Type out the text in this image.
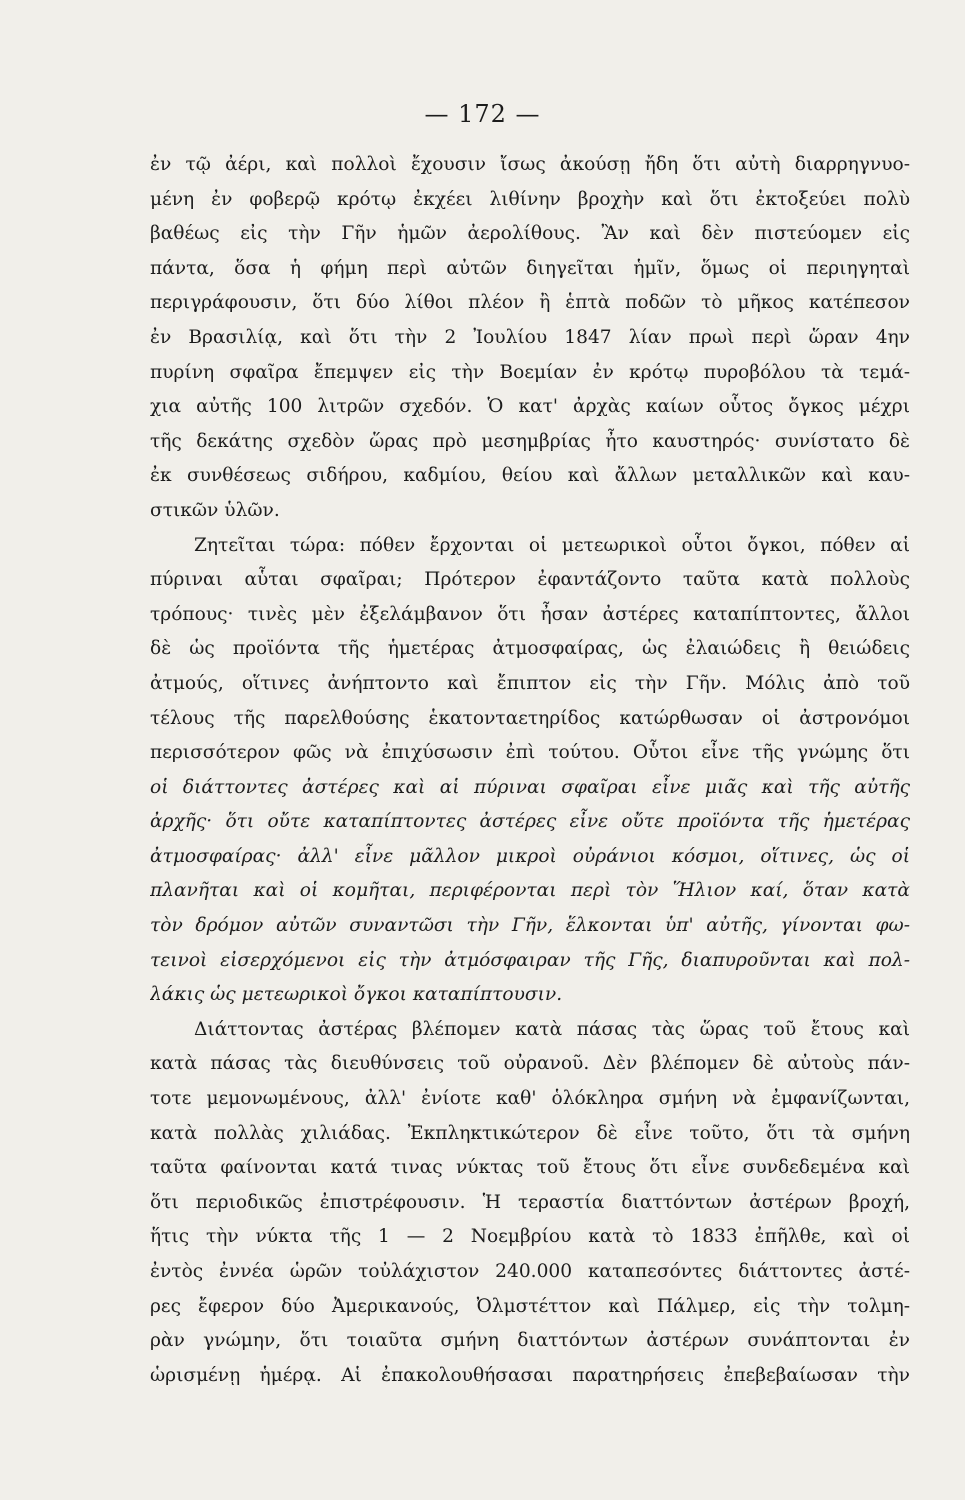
— 172 —
ἐν τῷ ἀέρι, καὶ πολλοὶ ἔχουσιν ἴσως ἀκούσῃ ἤδη ὅτι αὐτὴ διαρρηγνυο-
μένη ἐν φοβερῷ κρότῳ ἐκχέει λιθίνην βροχὴν καὶ ὅτι ἐκτοξεύει πολὺ
βαθέως εἰς τὴν Γῆν ἡμῶν ἀερολίθους. Ἂν καὶ δὲν πιστεύομεν εἰς
πάντα, ὅσα ἡ φήμη περὶ αὐτῶν διηγεῖται ἡμῖν, ὅμως οἱ περιηγηταὶ
περιγράφουσιν, ὅτι δύο λίθοι πλέον ἢ ἑπτὰ ποδῶν τὸ μῆκος κατέπεσον
ἐν Βρασιλίᾳ, καὶ ὅτι τὴν 2 Ἰουλίου 1847 λίαν πρωὶ περὶ ὥραν 4ην
πυρίνη σφαῖρα ἔπεμψεν εἰς τὴν Βοεμίαν ἐν κρότῳ πυροβόλου τὰ τεμά-
χια αὐτῆς 100 λιτρῶν σχεδόν. Ὁ κατ' ἀρχὰς καίων οὗτος ὄγκος μέχρι
τῆς δεκάτης σχεδὸν ὥρας πρὸ μεσημβρίας ἦτο καυστηρός· συνίστατο δὲ
ἐκ συνθέσεως σιδήρου, καδμίου, θείου καὶ ἄλλων μεταλλικῶν καὶ καυ-
στικῶν ὑλῶν.
Ζητεῖται τώρα: πόθεν ἔρχονται οἱ μετεωρικοὶ οὗτοι ὄγκοι, πόθεν αἱ
πύριναι αὗται σφαῖραι; Πρότερον ἐφαντάζοντο ταῦτα κατὰ πολλοὺς
τρόπους· τινὲς μὲν ἐξελάμβανον ὅτι ἦσαν ἀστέρες καταπίπτοντες, ἄλλοι
δὲ ὡς προϊόντα τῆς ἡμετέρας ἀτμοσφαίρας, ὡς ἐλαιώδεις ἢ θειώδεις
ἀτμούς, οἵτινες ἀνήπτοντο καὶ ἔπιπτον εἰς τὴν Γῆν. Μόλις ἀπὸ τοῦ
τέλους τῆς παρελθούσης ἑκατονταετηρίδος κατώρθωσαν οἱ ἀστρονόμοι
περισσότερον φῶς νὰ ἐπιχύσωσιν ἐπὶ τούτου. Οὗτοι εἶνε τῆς γνώμης ὅτι
οἱ διάττοντες ἀστέρες καὶ αἱ πύριναι σφαῖραι εἶνε μιᾶς καὶ τῆς αὐτῆς
ἀρχῆς· ὅτι οὔτε καταπίπτοντες ἀστέρες εἶνε οὔτε προϊόντα τῆς ἡμετέρας
ἀτμοσφαίρας· ἀλλ' εἶνε μᾶλλον μικροὶ οὐράνιοι κόσμοι, οἵτινες, ὡς οἱ
πλανῆται καὶ οἱ κομῆται, περιφέρονται περὶ τὸν Ἥλιον καί, ὅταν κατὰ
τὸν δρόμον αὐτῶν συναντῶσι τὴν Γῆν, ἕλκονται ὑπ' αὐτῆς, γίνονται φω-
τεινοὶ εἰσερχόμενοι εἰς τὴν ἀτμόσφαιραν τῆς Γῆς, διαπυροῦνται καὶ πολ-
λάκις ὡς μετεωρικοὶ ὄγκοι καταπίπτουσιν.
Διάττοντας ἀστέρας βλέπομεν κατὰ πάσας τὰς ὥρας τοῦ ἔτους καὶ
κατὰ πάσας τὰς διευθύνσεις τοῦ οὐρανοῦ. Δὲν βλέπομεν δὲ αὐτοὺς πάν-
τοτε μεμονωμένους, ἀλλ' ἐνίοτε καθ' ὁλόκληρα σμήνη νὰ ἐμφανίζωνται,
κατὰ πολλὰς χιλιάδας. Ἐκπληκτικώτερον δὲ εἶνε τοῦτο, ὅτι τὰ σμήνη
ταῦτα φαίνονται κατά τινας νύκτας τοῦ ἔτους ὅτι εἶνε συνδεδεμένα καὶ
ὅτι περιοδικῶς ἐπιστρέφουσιν. Ἡ τεραστία διαττόντων ἀστέρων βροχή,
ἥτις τὴν νύκτα τῆς 1 — 2 Νοεμβρίου κατὰ τὸ 1833 ἐπῆλθε, καὶ οἱ
ἐντὸς ἐννέα ὡρῶν τοὐλάχιστον 240.000 καταπεσόντες διάττοντες ἀστέ-
ρες ἔφερον δύο Ἀμερικανούς, Ὀλμστέττον καὶ Πάλμερ, εἰς τὴν τολμη-
ρὰν γνώμην, ὅτι τοιαῦτα σμήνη διαττόντων ἀστέρων συνάπτονται ἐν
ὡρισμένῃ ἡμέρᾳ. Αἱ ἐπακολουθήσασαι παρατηρήσεις ἐπεβεβαίωσαν τὴν
